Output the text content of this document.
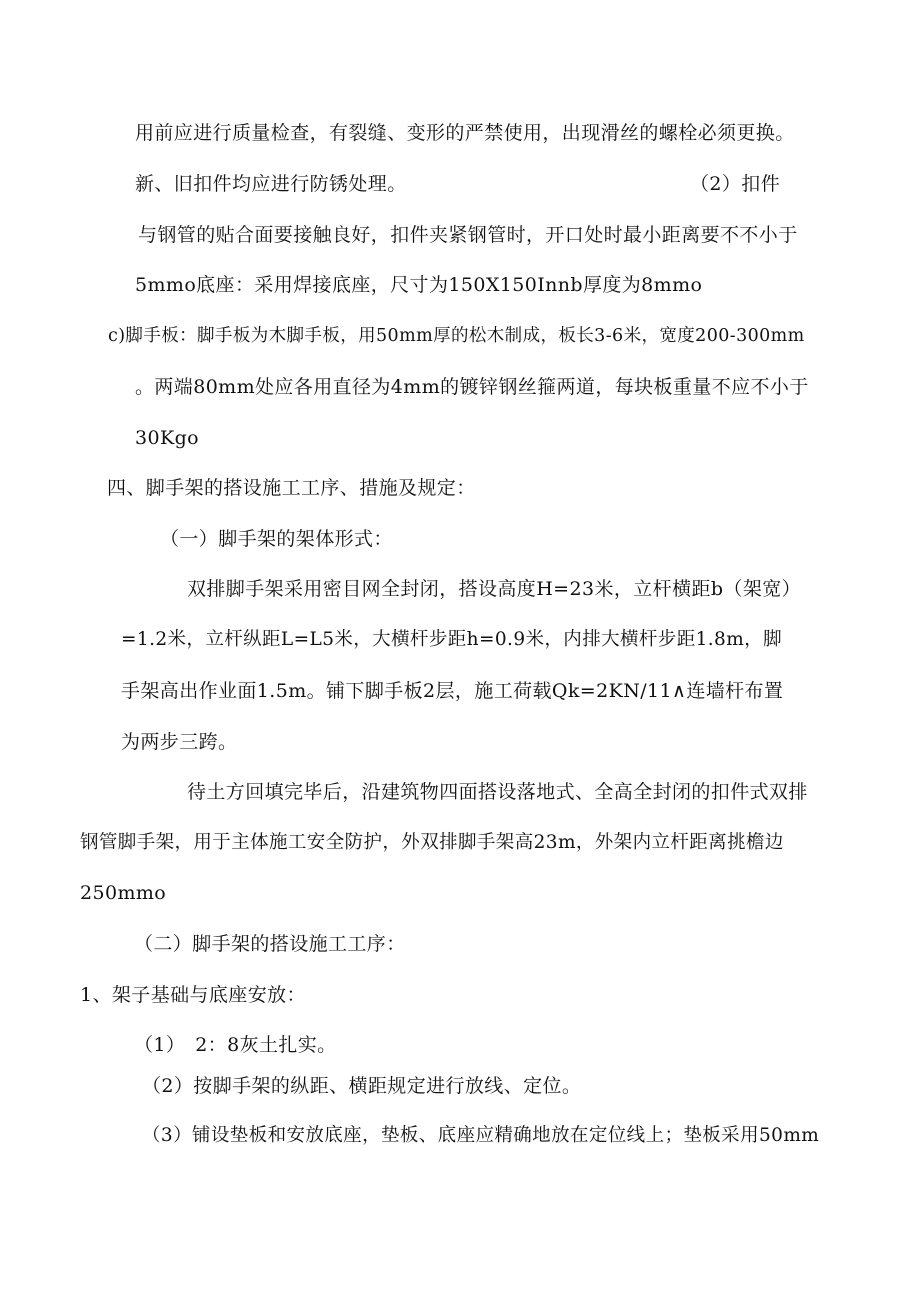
用前应进行质量检查，有裂缝、变形的严禁使用，出现滑丝的螺栓必须更换。
新、旧扣件均应进行防锈处理。	（2）扣件
与钢管的贴合面要接触良好，扣件夹紧钢管时，开口处时最小距离要不不小于
5mmo底座：采用焊接底座，尺寸为150X150Innb厚度为8mmo
c)脚手板：脚手板为木脚手板，用50mm厚的松木制成，板长3-6米，宽度200-300mm
。两端80mm处应各用直径为4mm的镀锌钢丝箍两道，每块板重量不应不小于
30Kgo
四、脚手架的搭设施工工序、措施及规定：
（一）脚手架的架体形式：
双排脚手架采用密目网全封闭，搭设高度H=23米，立杆横距b（架宽）
=1.2米，立杆纵距L=L5米，大横杆步距h=0.9米，内排大横杆步距1.8m，脚
手架高出作业面1.5m。铺下脚手板2层，施工荷载Qk=2KN/11∧连墙杆布置
为两步三跨。
待土方回填完毕后，沿建筑物四面搭设落地式、全高全封闭的扣件式双排
钢管脚手架，用于主体施工安全防护，外双排脚手架高23m，外架内立杆距离挑檐边
250mmo
（二）脚手架的搭设施工工序：
1、架子基础与底座安放：
（1）　2：8灰土扎实。
（2）按脚手架的纵距、横距规定进行放线、定位。
（3）铺设垫板和安放底座，垫板、底座应精确地放在定位线上；垫板采用50mm
